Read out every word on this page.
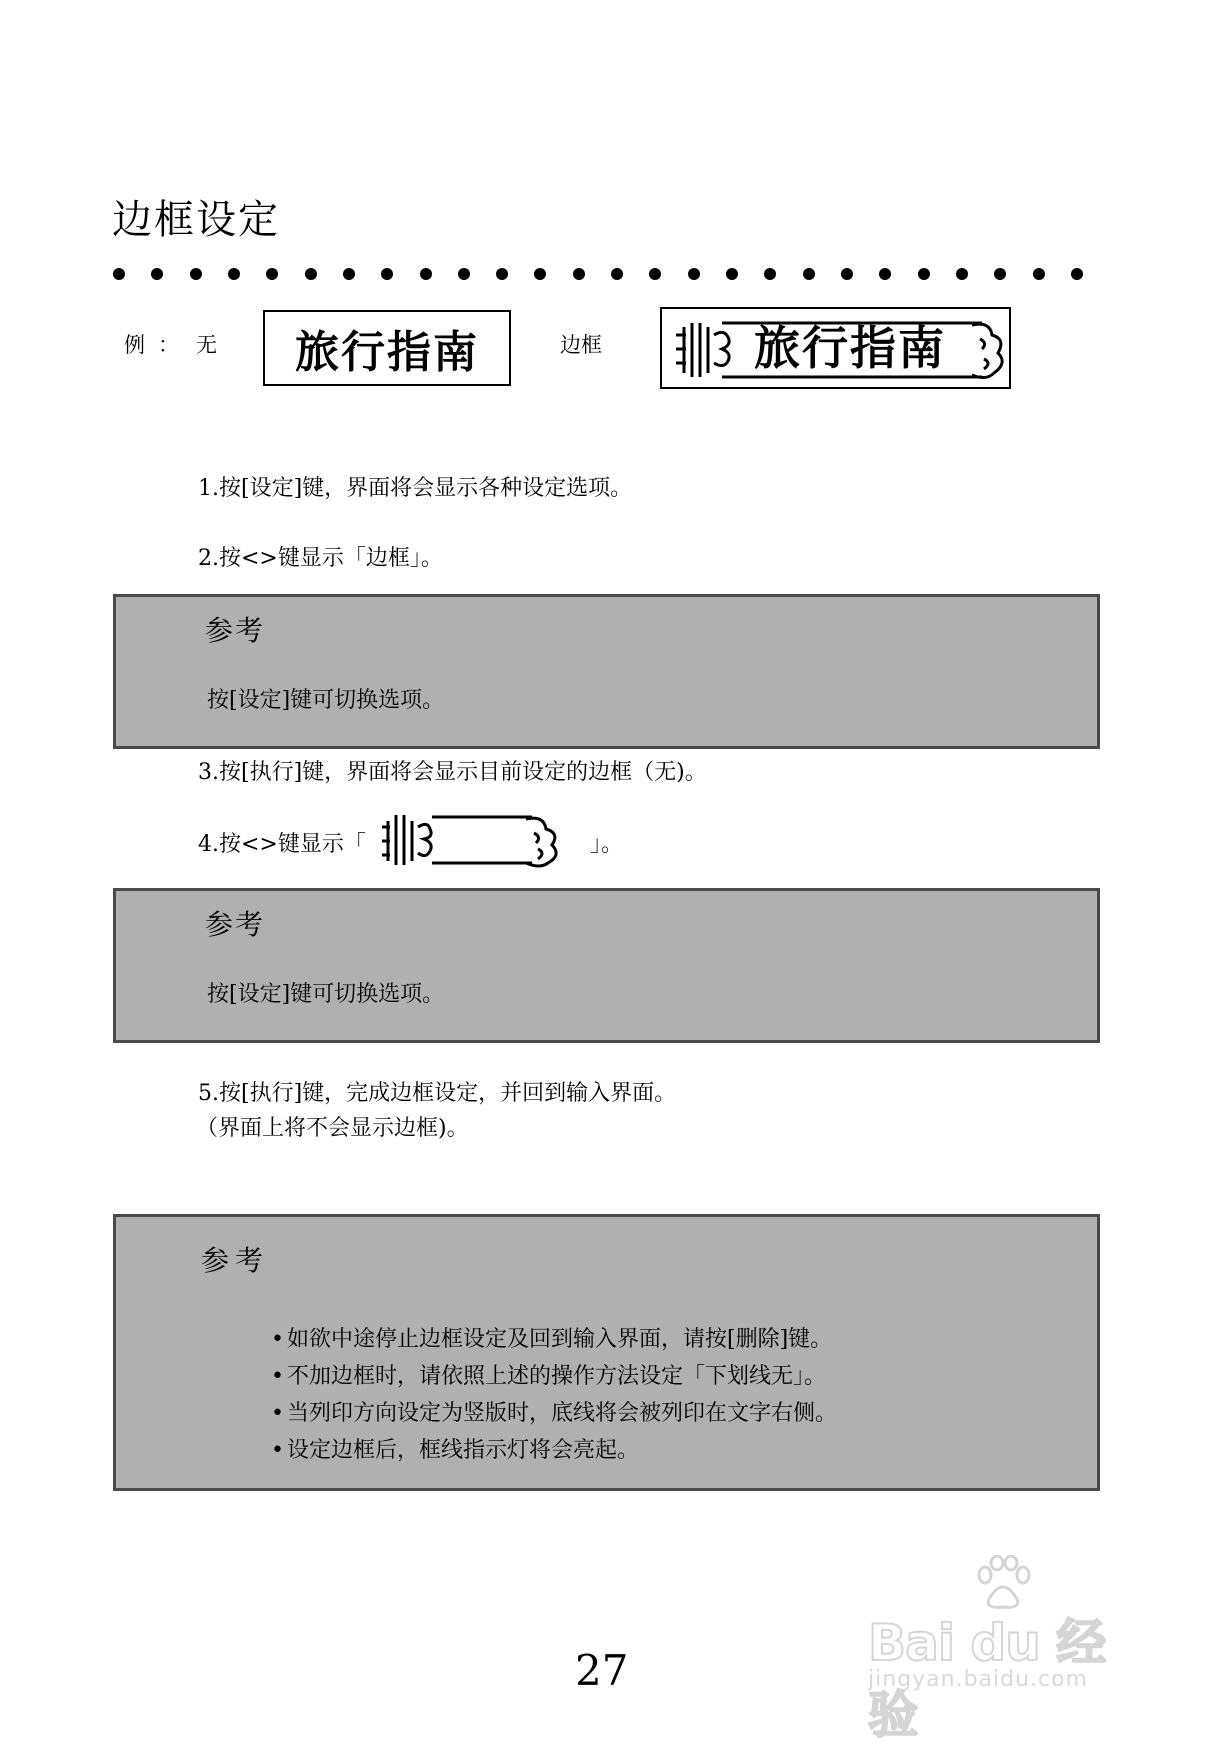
边框设定
例 ： 无	旅行指南	边框	旅行指南
1.按[设定]键，界面将会显示各种设定选项。
2.按<>键显示「边框」。
参考
按[设定]键可切换选项。
3.按[执行]键，界面将会显示目前设定的边框（无)。
4.按<>键显示「	」。
参考
按[设定]键可切换选项。
5.按[执行]键，完成边框设定，并回到输入界面。
（界面上将不会显示边框)。
参考
• 如欲中途停止边框设定及回到输入界面，请按[删除]键。
• 不加边框时，请依照上述的操作方法设定「下划线无」。
• 当列印方向设定为竖版时，底线将会被列印在文字右侧。
• 设定边框后，框线指示灯将会亮起。
Bai du 经验
jingyan.baidu.com
27
